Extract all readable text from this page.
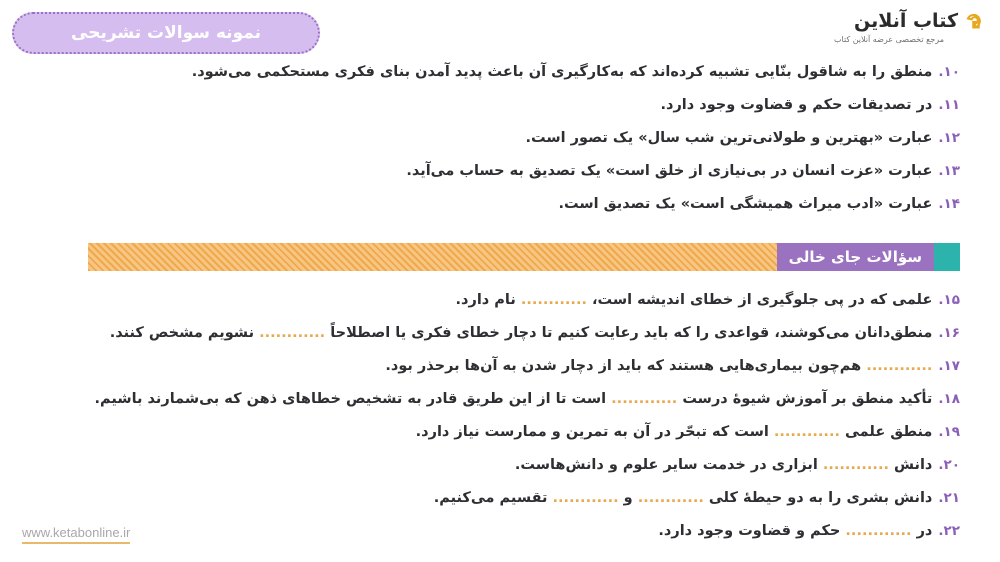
نمونه سوالات تشریحی
کتاب آنلاین
مرجع تخصصی عرضه آنلاین کتاب
۱۰.
منطق را به شاقول بنّایی تشبیه کرده‌اند که به‌کارگیری آن باعث پدید آمدن بنای فکری مستحکمی می‌شود.
۱۱.
در تصدیقات حکم و قضاوت وجود دارد.
۱۲.
عبارت «بهترین و طولانی‌ترین شب سال» یک تصور است.
۱۳.
عبارت «عزت انسان در بی‌نیازی از خلق است» یک تصدیق به حساب می‌آید.
۱۴.
عبارت «ادب میراث همیشگی است» یک تصدیق است.
سؤالات جای خالی
۱۵.
علمی که در پی جلوگیری از خطای اندیشه است، ............ نام دارد.
۱۶.
منطق‌دانان می‌کوشند، قواعدی را که باید رعایت کنیم تا دچار خطای فکری یا اصطلاحاً ............ نشویم مشخص کنند.
۱۷.
............ هم‌چون بیماری‌هایی هستند که باید از دچار شدن به آن‌ها برحذر بود.
۱۸.
تأکید منطق بر آموزش شیوهٔ درست ............ است تا از این طریق قادر به تشخیص خطاهای ذهن که بی‌شمارند باشیم.
۱۹.
منطق علمی ............ است که تبحّر در آن به تمرین و ممارست نیاز دارد.
۲۰.
دانش ............ ابزاری در خدمت سایر علوم و دانش‌هاست.
۲۱.
دانش بشری را به دو حیطهٔ کلی ............ و ............ تقسیم می‌کنیم.
۲۲.
در ............ حکم و قضاوت وجود دارد.
www.ketabonline.ir
